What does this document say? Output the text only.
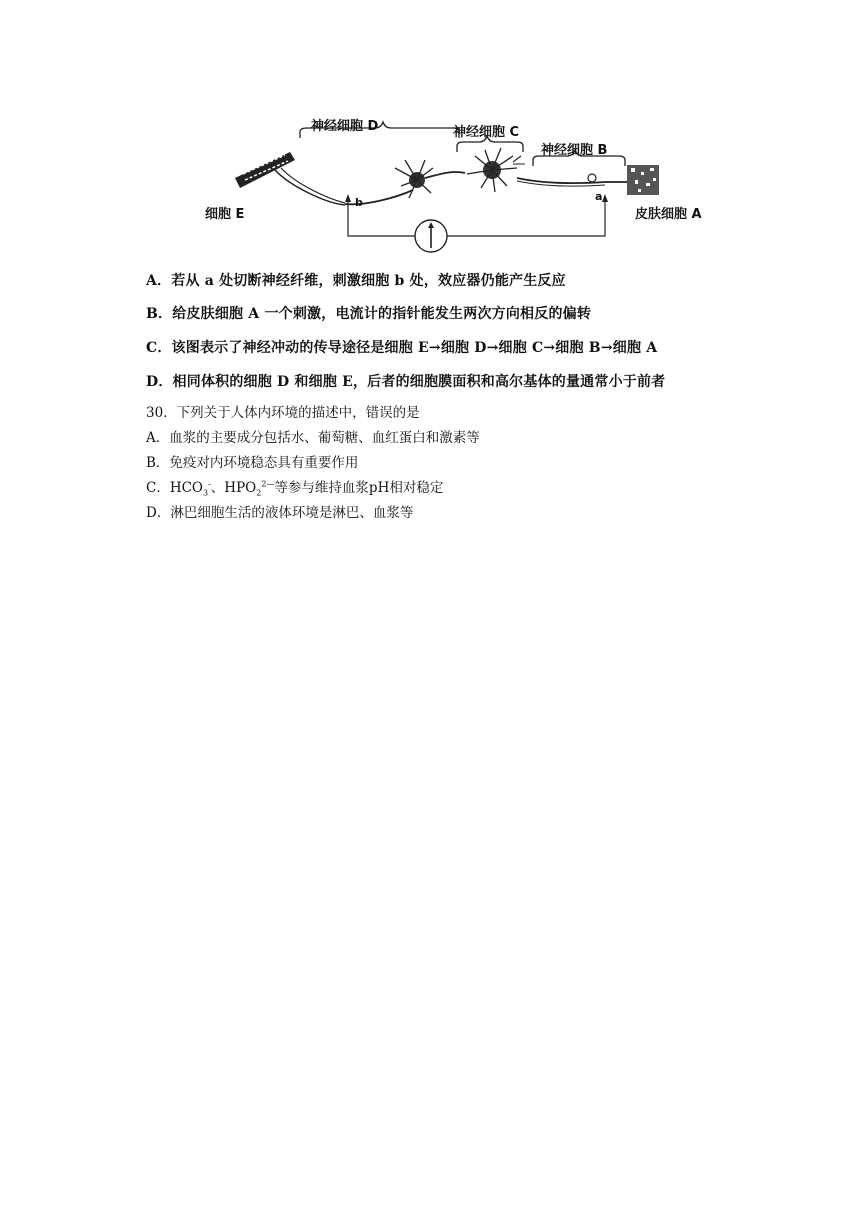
神经细胞 D	神经细胞 C
神经细胞 B
细胞 E	皮肤细胞 A
a
b
A．若从 a 处切断神经纤维，刺激细胞 b 处，效应器仍能产生反应
B．给皮肤细胞 A 一个刺激，电流计的指针能发生两次方向相反的偏转
C．该图表示了神经冲动的传导途径是细胞 E→细胞 D→细胞 C→细胞 B→细胞 A
D．相同体积的细胞 D 和细胞 E，后者的细胞膜面积和高尔基体的量通常小于前者
30．下列关于人体内环境的描述中，错误的是
A．血浆的主要成分包括水、葡萄糖、血红蛋白和激素等
B．免疫对内环境稳态具有重要作用
C．$HCO_3^-$、$HPO_2^{2—}$等参与维持血浆pH相对稳定
D．淋巴细胞生活的液体环境是淋巴、血浆等
